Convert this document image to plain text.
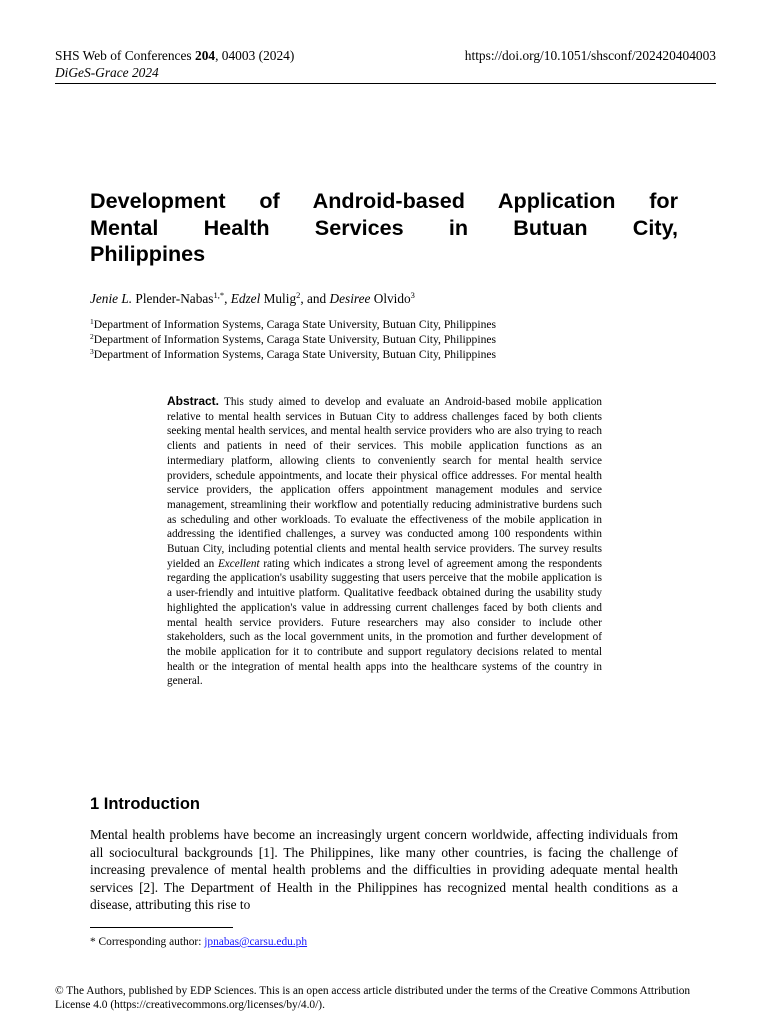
SHS Web of Conferences 204, 04003 (2024)
DiGeS-Grace 2024
https://doi.org/10.1051/shsconf/202420404003
Development of Android-based Application for
Mental Health Services in Butuan City,
Philippines
Jenie L. Plender-Nabas$^{1,*}$, Edzel Mulig$^2$, and Desiree Olvido$^3$
$^1$Department of Information Systems, Caraga State University, Butuan City, Philippines
$^2$Department of Information Systems, Caraga State University, Butuan City, Philippines
$^3$Department of Information Systems, Caraga State University, Butuan City, Philippines

Abstract. This study aimed to develop and evaluate an Android-based mobile application relative to mental health services in Butuan City to address challenges faced by both clients seeking mental health services, and mental health service providers who are also trying to reach clients and patients in need of their services. This mobile application functions as an intermediary platform, allowing clients to conveniently search for mental health service providers, schedule appointments, and locate their physical office addresses. For mental health service providers, the application offers appointment management modules and service management, streamlining their workflow and potentially reducing administrative burdens such as scheduling and other workloads. To evaluate the effectiveness of the mobile application in addressing the identified challenges, a survey was conducted among 100 respondents within Butuan City, including potential clients and mental health service providers. The survey results yielded an Excellent rating which indicates a strong level of agreement among the respondents regarding the application's usability suggesting that users perceive that the mobile application is a user-friendly and intuitive platform. Qualitative feedback obtained during the usability study highlighted the application's value in addressing current challenges faced by both clients and mental health service providers. Future researchers may also consider to include other stakeholders, such as the local government units, in the promotion and further development of the mobile application for it to contribute and support regulatory decisions related to mental health or the integration of mental health apps into the healthcare systems of the country in general.

1 Introduction

Mental health problems have become an increasingly urgent concern worldwide, affecting individuals from all sociocultural backgrounds [1]. The Philippines, like many other countries, is facing the challenge of increasing prevalence of mental health problems and the difficulties in providing adequate mental health services [2]. The Department of Health in the Philippines has recognized mental health conditions as a disease, attributing this rise to

* Corresponding author: jpnabas@carsu.edu.ph

© The Authors, published by EDP Sciences. This is an open access article distributed under the terms of the Creative Commons Attribution License 4.0 (https://creativecommons.org/licenses/by/4.0/).
